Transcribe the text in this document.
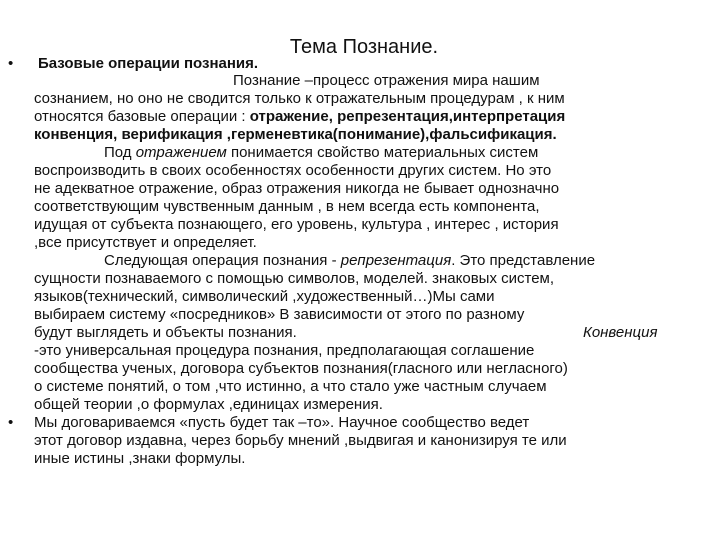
Тема Познание.
• Базовые операции познания.
Познание –процесс отражения мира нашим
сознанием, но оно не сводится только к отражательным процедурам , к ним
относятся базовые операции : отражение, репрезентация,интерпретация
конвенция, верификация ,герменевтика(понимание),фальсификация.
Под отражением понимается свойство материальных систем
воспроизводить в своих особенностях особенности других систем. Но это
не адекватное отражение, образ отражения никогда не бывает однозначно
соответствующим чувственным данным , в нем всегда есть компонента,
идущая от субъекта познающего, его уровень, культура , интерес , история
,все присутствует и определяет.
Следующая операция познания - репрезентация. Это представление
сущности познаваемого с помощью символов, моделей. знаковых систем,
языков(технический, символический ,художественный…)Мы сами
выбираем систему «посредников» В зависимости от этого по разному
будут выглядеть и объекты познания.	Конвенция
-это универсальная процедура познания, предполагающая соглашение
сообщества ученых, договора субъектов познания(гласного или негласного)
о системе понятий, о том ,что истинно, а что стало уже частным случаем
общей теории ,о формулах ,единицах измерения.
• Мы договариваемся «пусть будет так –то». Научное сообщество ведет
этот договор издавна, через борьбу мнений ,выдвигая и канонизируя те или
иные истины ,знаки формулы.
